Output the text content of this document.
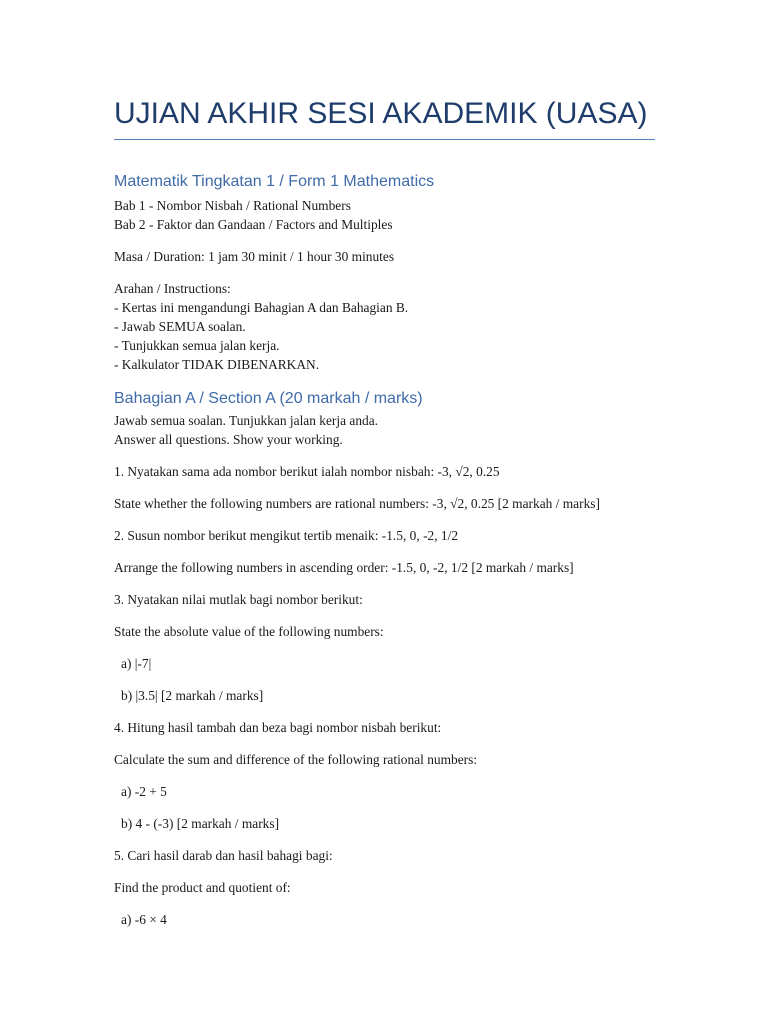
UJIAN AKHIR SESI AKADEMIK (UASA)
Matematik Tingkatan 1 / Form 1 Mathematics

Bab 1 - Nombor Nisbah / Rational Numbers

Bab 2 - Faktor dan Gandaan / Factors and Multiples

Masa / Duration: 1 jam 30 minit / 1 hour 30 minutes

Arahan / Instructions:

- Kertas ini mengandungi Bahagian A dan Bahagian B.

- Jawab SEMUA soalan.

- Tunjukkan semua jalan kerja.

- Kalkulator TIDAK DIBENARKAN.

Bahagian A / Section A (20 markah / marks)

Jawab semua soalan. Tunjukkan jalan kerja anda.

Answer all questions. Show your working.

1. Nyatakan sama ada nombor berikut ialah nombor nisbah: -3, √2, 0.25

State whether the following numbers are rational numbers: -3, √2, 0.25 [2 markah / marks]

2. Susun nombor berikut mengikut tertib menaik: -1.5, 0, -2, 1/2

Arrange the following numbers in ascending order: -1.5, 0, -2, 1/2 [2 markah / marks]

3. Nyatakan nilai mutlak bagi nombor berikut:

State the absolute value of the following numbers:

a) |-7|

b) |3.5| [2 markah / marks]

4. Hitung hasil tambah dan beza bagi nombor nisbah berikut:

Calculate the sum and difference of the following rational numbers:

a) -2 + 5

b) 4 - (-3) [2 markah / marks]

5. Cari hasil darab dan hasil bahagi bagi:

Find the product and quotient of:

a) -6 × 4
